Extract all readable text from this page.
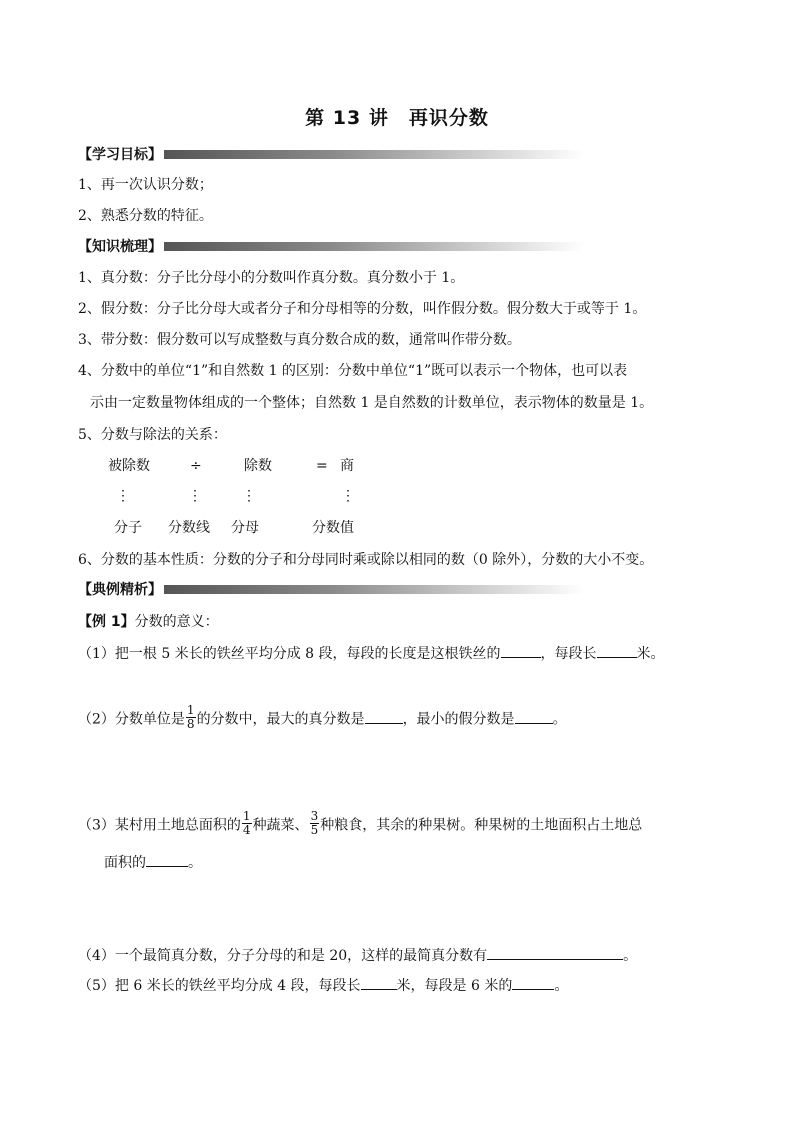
第 13 讲　再识分数
【学习目标】
1、再一次认识分数；
2、熟悉分数的特征。
【知识梳理】
1、真分数：分子比分母小的分数叫作真分数。真分数小于 1。
2、假分数：分子比分母大或者分子和分母相等的分数，叫作假分数。假分数大于或等于 1。
3、带分数：假分数可以写成整数与真分数合成的数，通常叫作带分数。
4、分数中的单位“1”和自然数 1 的区别：分数中单位“1”既可以表示一个物体，也可以表
示由一定数量物体组成的一个整体；自然数 1 是自然数的计数单位，表示物体的数量是 1。
5、分数与除法的关系：
被除数	÷	除数	= 商
⋮	⋮	⋮	⋮
分子 分数线 分母	分数值
6、分数的基本性质：分数的分子和分母同时乘或除以相同的数（0 除外），分数的大小不变。
【典例精析】
【例 1】分数的意义：
（1）把一根 5 米长的铁丝平均分成 8 段，每段的长度是这根铁丝的	，每段长	米。
（2）分数单位是 $\frac{1}{8}$ 的分数中，最大的真分数是	，最小的假分数是	。
（3）某村用土地总面积的 $\frac{1}{4}$ 种蔬菜、 $\frac{3}{5}$ 种粮食，其余的种果树。种果树的土地面积占土地总
面积的	。
（4）一个最简真分数，分子分母的和是 20，这样的最简真分数有	。
（5）把 6 米长的铁丝平均分成 4 段，每段长	米，每段是 6 米的	。
